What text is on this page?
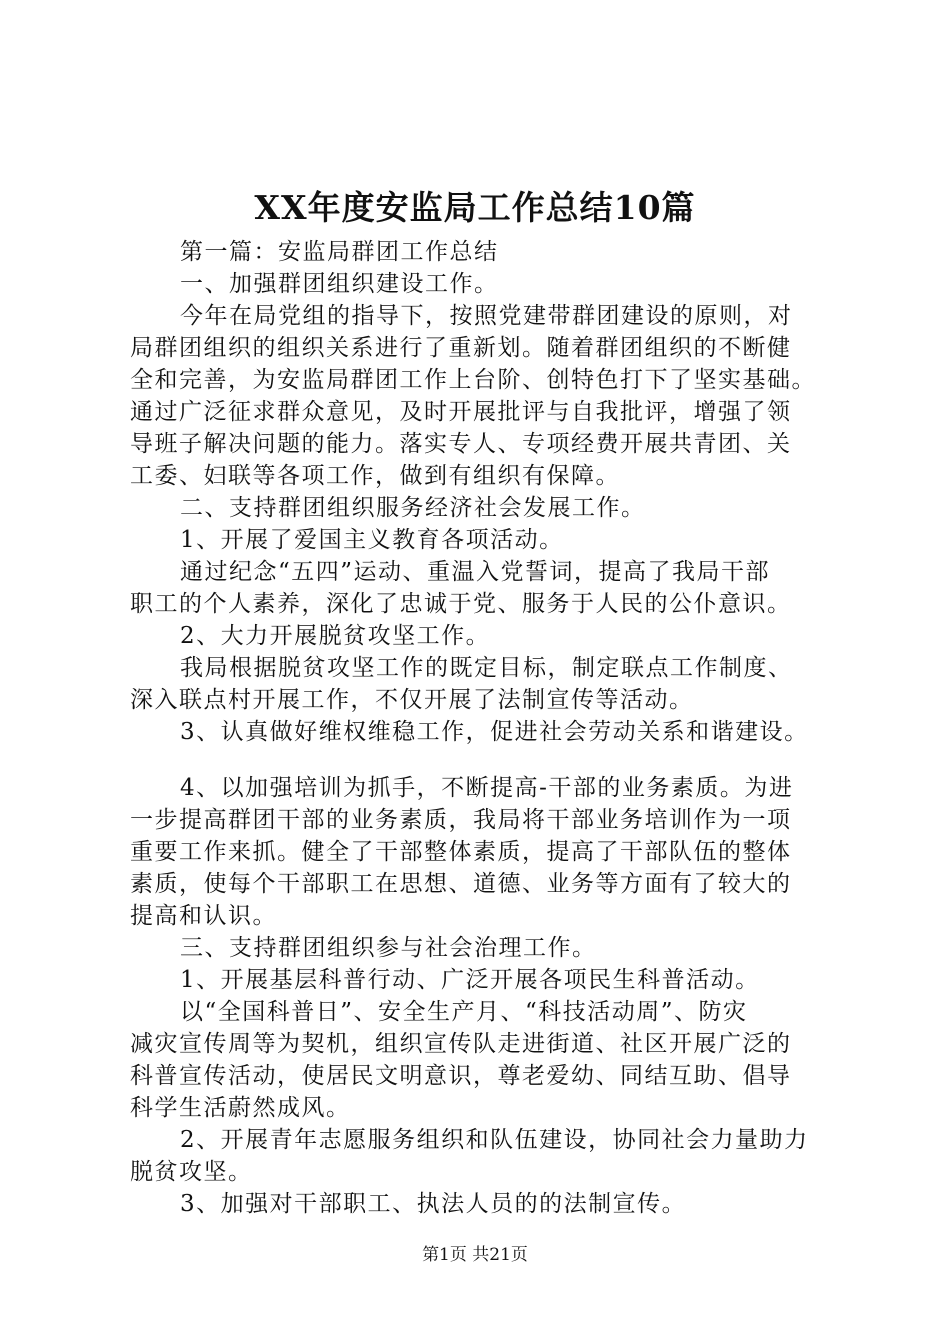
XX年度安监局工作总结10篇
第一篇：安监局群团工作总结
一、加强群团组织建设工作。
今年在局党组的指导下，按照党建带群团建设的原则，对
局群团组织的组织关系进行了重新划。随着群团组织的不断健
全和完善，为安监局群团工作上台阶、创特色打下了坚实基础。
通过广泛征求群众意见，及时开展批评与自我批评，增强了领
导班子解决问题的能力。落实专人、专项经费开展共青团、关
工委、妇联等各项工作，做到有组织有保障。
二、支持群团组织服务经济社会发展工作。
1、开展了爱国主义教育各项活动。
通过纪念“五四”运动、重温入党誓词，提高了我局干部
职工的个人素养，深化了忠诚于党、服务于人民的公仆意识。
2、大力开展脱贫攻坚工作。
我局根据脱贫攻坚工作的既定目标，制定联点工作制度、
深入联点村开展工作，不仅开展了法制宣传等活动。
3、认真做好维权维稳工作，促进社会劳动关系和谐建设。
4、以加强培训为抓手，不断提高-干部的业务素质。为进
一步提高群团干部的业务素质，我局将干部业务培训作为一项
重要工作来抓。健全了干部整体素质，提高了干部队伍的整体
素质，使每个干部职工在思想、道德、业务等方面有了较大的
提高和认识。
三、支持群团组织参与社会治理工作。
1、开展基层科普行动、广泛开展各项民生科普活动。
以“全国科普日”、安全生产月、“科技活动周”、防灾
减灾宣传周等为契机，组织宣传队走进街道、社区开展广泛的
科普宣传活动，使居民文明意识，尊老爱幼、同结互助、倡导
科学生活蔚然成风。
2、开展青年志愿服务组织和队伍建设，协同社会力量助力
脱贫攻坚。
3、加强对干部职工、执法人员的的法制宣传。
第1页 共21页
